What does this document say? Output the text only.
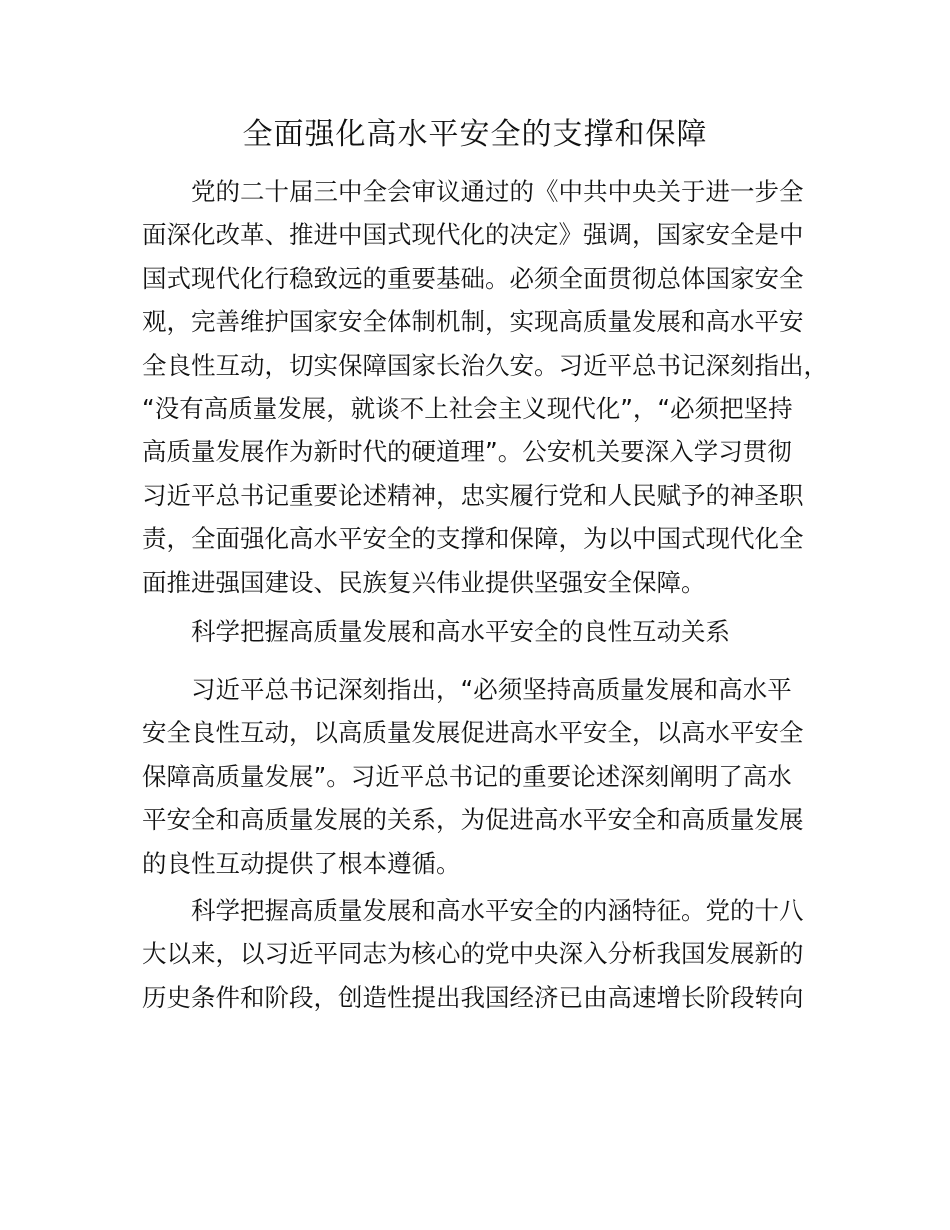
全面强化高水平安全的支撑和保障
党的二十届三中全会审议通过的《中共中央关于进一步全
面深化改革、推进中国式现代化的决定》强调，国家安全是中
国式现代化行稳致远的重要基础。必须全面贯彻总体国家安全
观，完善维护国家安全体制机制，实现高质量发展和高水平安
全良性互动，切实保障国家长治久安。习近平总书记深刻指出，
“没有高质量发展，就谈不上社会主义现代化”，“必须把坚持
高质量发展作为新时代的硬道理”。公安机关要深入学习贯彻
习近平总书记重要论述精神，忠实履行党和人民赋予的神圣职
责，全面强化高水平安全的支撑和保障，为以中国式现代化全
面推进强国建设、民族复兴伟业提供坚强安全保障。
科学把握高质量发展和高水平安全的良性互动关系
习近平总书记深刻指出，“必须坚持高质量发展和高水平
安全良性互动，以高质量发展促进高水平安全，以高水平安全
保障高质量发展”。习近平总书记的重要论述深刻阐明了高水
平安全和高质量发展的关系，为促进高水平安全和高质量发展
的良性互动提供了根本遵循。
科学把握高质量发展和高水平安全的内涵特征。党的十八
大以来，以习近平同志为核心的党中央深入分析我国发展新的
历史条件和阶段，创造性提出我国经济已由高速增长阶段转向
